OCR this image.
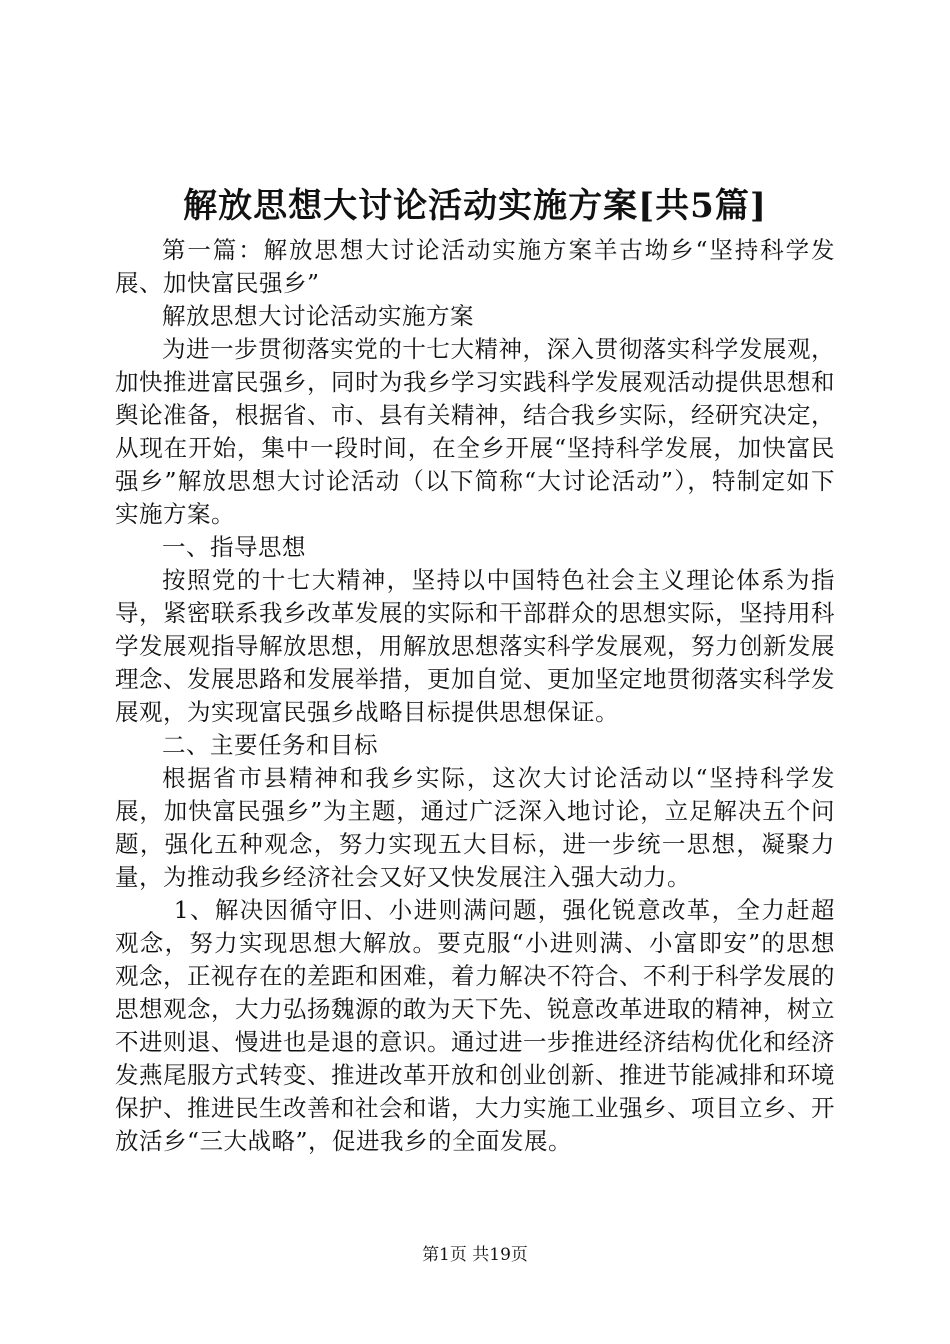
解放思想大讨论活动实施方案[共5篇]

第一篇：解放思想大讨论活动实施方案羊古坳乡“坚持科学发展、加快富民强乡”

解放思想大讨论活动实施方案

为进一步贯彻落实党的十七大精神，深入贯彻落实科学发展观，加快推进富民强乡，同时为我乡学习实践科学发展观活动提供思想和舆论准备，根据省、市、县有关精神，结合我乡实际，经研究决定，从现在开始，集中一段时间，在全乡开展“坚持科学发展，加快富民强乡”解放思想大讨论活动（以下简称“大讨论活动”），特制定如下实施方案。

一、指导思想

按照党的十七大精神，坚持以中国特色社会主义理论体系为指导，紧密联系我乡改革发展的实际和干部群众的思想实际，坚持用科学发展观指导解放思想，用解放思想落实科学发展观，努力创新发展理念、发展思路和发展举措，更加自觉、更加坚定地贯彻落实科学发展观，为实现富民强乡战略目标提供思想保证。

二、主要任务和目标

根据省市县精神和我乡实际，这次大讨论活动以“坚持科学发展，加快富民强乡”为主题，通过广泛深入地讨论，立足解决五个问题，强化五种观念，努力实现五大目标，进一步统一思想，凝聚力量，为推动我乡经济社会又好又快发展注入强大动力。

1、解决因循守旧、小进则满问题，强化锐意改革，全力赶超观念，努力实现思想大解放。要克服“小进则满、小富即安”的思想观念，正视存在的差距和困难，着力解决不符合、不利于科学发展的思想观念，大力弘扬魏源的敢为天下先、锐意改革进取的精神，树立不进则退、慢进也是退的意识。通过进一步推进经济结构优化和经济发燕尾服方式转变、推进改革开放和创业创新、推进节能减排和环境保护、推进民生改善和社会和谐，大力实施工业强乡、项目立乡、开放活乡“三大战略”，促进我乡的全面发展。

第1页 共19页
